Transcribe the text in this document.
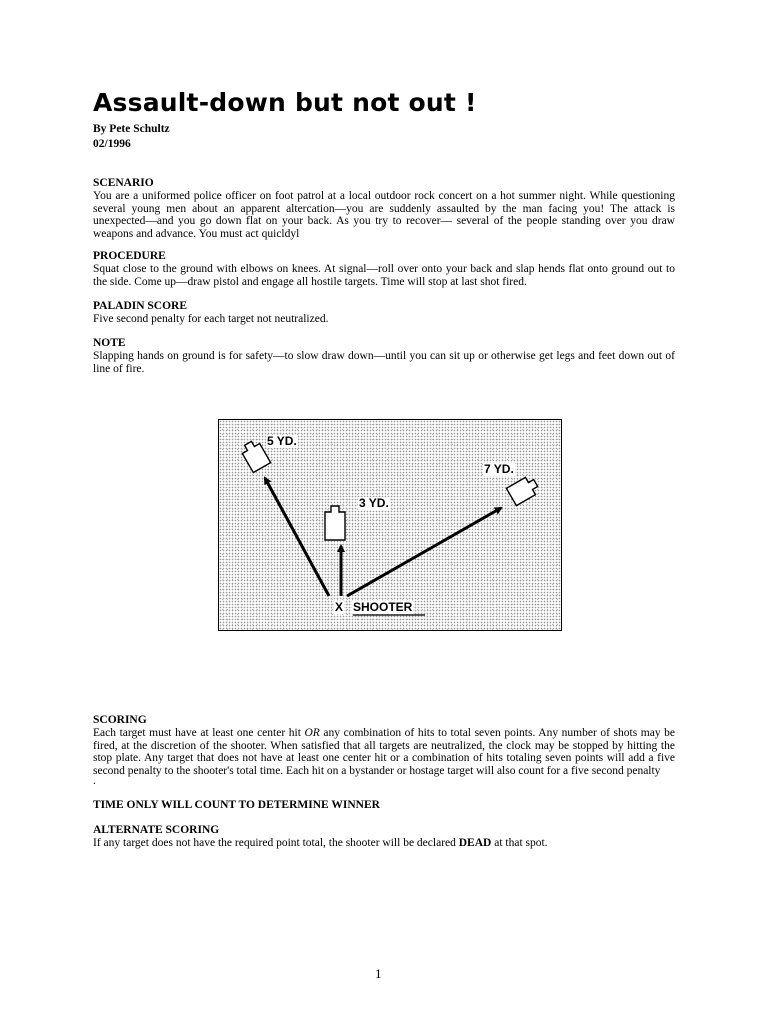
Assault-down but not out !
By Pete Schultz
02/1996
SCENARIO

You are a uniformed police officer on foot patrol at a local outdoor rock concert on a hot summer night. While questioning several young men about an apparent altercation—you are suddenly assaulted by the man facing you! The attack is unexpected—and you go down flat on your back. As you try to recover— several of the people standing over you draw weapons and advance. You must act quicldyl

PROCEDURE

Squat close to the ground with elbows on knees. At signal—roll over onto your back and slap hends flat onto ground out to the side. Come up—draw pistol and engage all hostile targets. Time will stop at last shot fired.

PALADIN SCORE

Five second penalty for each target not neutralized.

NOTE

Slapping hands on ground is for safety—to slow draw down—until you can sit up or otherwise get legs and feet down out of line of fire.

5 YD.
3 YD.
7 YD.
X SHOOTER
SCORING

Each target must have at least one center hit OR any combination of hits to total seven points. Any number of shots may be fired, at the discretion of the shooter. When satisfied that all targets are neutralized, the clock may be stopped by hitting the stop plate. Any target that does not have at least one center hit or a combination of hits totaling seven points will add a five second penalty to the shooter's total time. Each hit on a bystander or hostage target will also count for a five second penalty

.
TIME ONLY WILL COUNT TO DETERMINE WINNER
ALTERNATE SCORING

If any target does not have the required point total, the shooter will be declared DEAD at that spot.

1
